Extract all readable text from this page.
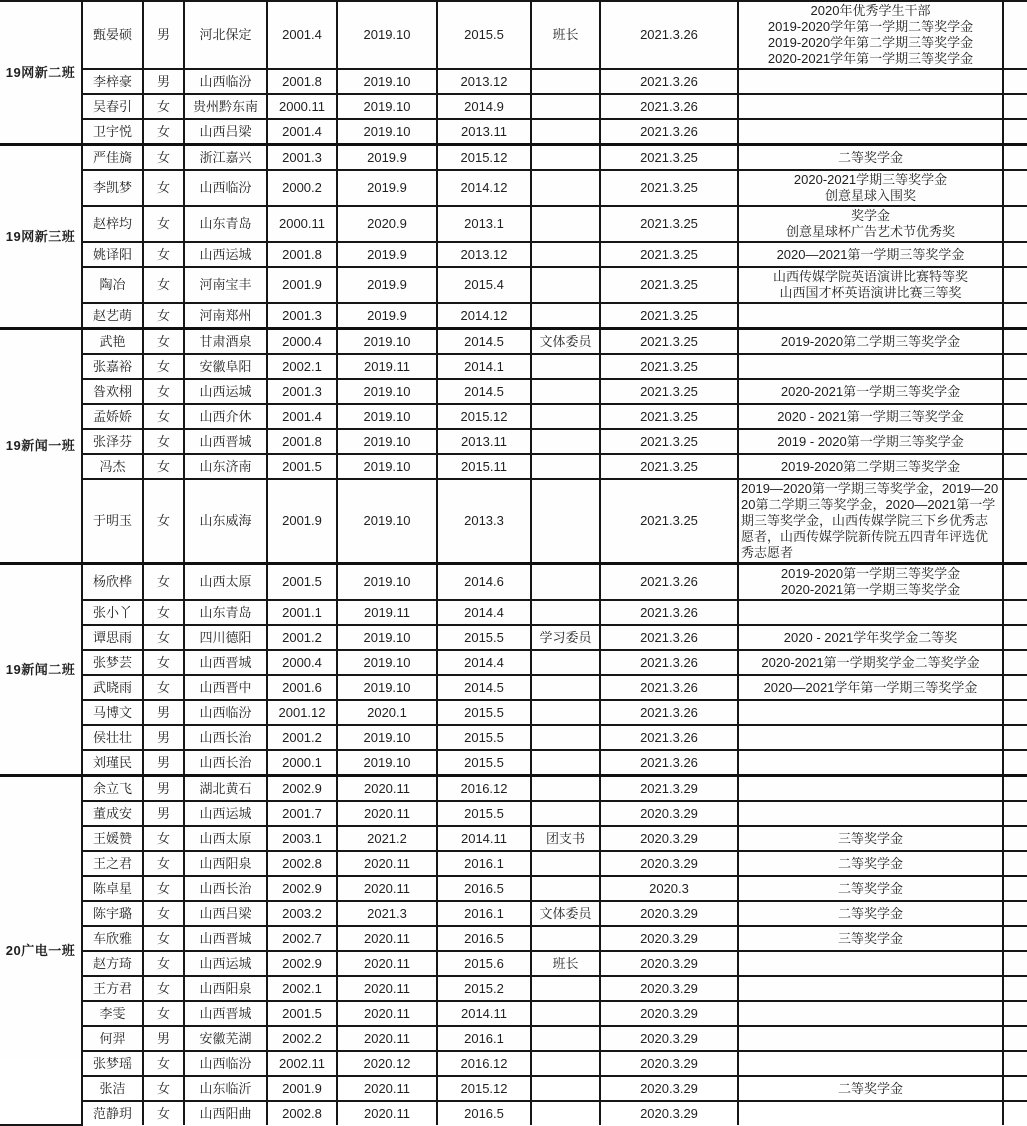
19网新二班	甄晏硕	男	河北保定	2001.4	2019.10	2015.5	班长	2021.3.26	2020年优秀学生干部
2019-2020学年第一学期二等奖学金
2019-2020学年第二学期三等奖学金
2020-2021学年第一学期三等奖学金	

	李梓豪	男	山西临汾	2001.8	2019.10	2013.12		2021.3.26		
	吴春引	女	贵州黔东南	2000.11	2019.10	2014.9		2021.3.26		
	卫宇悦	女	山西吕梁	2001.4	2019.10	2013.11		2021.3.26		
19网新三班	严佳旖	女	浙江嘉兴	2001.3	2019.9	2015.12		2021.3.25	二等奖学金	

	李凯梦	女	山西临汾	2000.2	2019.9	2014.12		2021.3.25	2020-2021学期三等奖学金
创意星球入围奖	

	赵梓均	女	山东青岛	2000.11	2020.9	2013.1		2021.3.25	奖学金
创意星球杯广告艺术节优秀奖	

	姚译阳	女	山西运城	2001.8	2019.9	2013.12		2021.3.25	2020—2021第一学期三等奖学金	

	陶冶	女	河南宝丰	2001.9	2019.9	2015.4		2021.3.25	山西传媒学院英语演讲比赛特等奖
山西国才杯英语演讲比赛三等奖	

	赵艺萌	女	河南郑州	2001.3	2019.9	2014.12		2021.3.25		
19新闻一班	武艳	女	甘肃酒泉	2000.4	2019.10	2014.5	文体委员	2021.3.25	2019-2020第二学期三等奖学金	

	张嘉裕	女	安徽阜阳	2002.1	2019.11	2014.1		2021.3.25		
	昝欢栩	女	山西运城	2001.3	2019.10	2014.5		2021.3.25	2020-2021第一学期三等奖学金	

	孟娇娇	女	山西介休	2001.4	2019.10	2015.12		2021.3.25	2020 - 2021第一学期三等奖学金	

	张泽芬	女	山西晋城	2001.8	2019.10	2013.11		2021.3.25	2019 - 2020第一学期三等奖学金	

	冯杰	女	山东济南	2001.5	2019.10	2015.11		2021.3.25	2019-2020第二学期三等奖学金	

	于明玉	女	山东威海	2001.9	2019.10	2013.3		2021.3.25	2019—2020第一学期三等奖学金，2019—2020第二学期三等奖学金，2020—2021第一学期三等奖学金，山西传媒学院三下乡优秀志愿者，山西传媒学院新传院五四青年评选优秀志愿者	

19新闻二班	杨欣桦	女	山西太原	2001.5	2019.10	2014.6		2021.3.26	2019-2020第一学期三等奖学金
2020-2021第一学期三等奖学金	

	张小丫	女	山东青岛	2001.1	2019.11	2014.4		2021.3.26		
	谭思雨	女	四川德阳	2001.2	2019.10	2015.5	学习委员	2021.3.26	2020 - 2021学年奖学金二等奖	

	张梦芸	女	山西晋城	2000.4	2019.10	2014.4		2021.3.26	2020-2021第一学期奖学金二等奖学金	

	武晓雨	女	山西晋中	2001.6	2019.10	2014.5		2021.3.26	2020—2021学年第一学期三等奖学金	

	马博文	男	山西临汾	2001.12	2020.1	2015.5		2021.3.26		
	侯壮壮	男	山西长治	2001.2	2019.10	2015.5		2021.3.26		
	刘瑾民	男	山西长治	2000.1	2019.10	2015.5		2021.3.26		
20广电一班	余立飞	男	湖北黄石	2002.9	2020.11	2016.12		2021.3.29		
	董成安	男	山西运城	2001.7	2020.11	2015.5		2020.3.29		
	王媛赞	女	山西太原	2003.1	2021.2	2014.11	团支书	2020.3.29	三等奖学金	

	王之君	女	山西阳泉	2002.8	2020.11	2016.1		2020.3.29	二等奖学金	

	陈卓星	女	山西长治	2002.9	2020.11	2016.5		2020.3	二等奖学金	

	陈宇璐	女	山西吕梁	2003.2	2021.3	2016.1	文体委员	2020.3.29	二等奖学金	

	车欣雅	女	山西晋城	2002.7	2020.11	2016.5		2020.3.29	三等奖学金	

	赵方琦	女	山西运城	2002.9	2020.11	2015.6	班长	2020.3.29		
	王方君	女	山西阳泉	2002.1	2020.11	2015.2		2020.3.29		
	李雯	女	山西晋城	2001.5	2020.11	2014.11		2020.3.29		
	何羿	男	安徽芜湖	2002.2	2020.11	2016.1		2020.3.29		
	张梦瑶	女	山西临汾	2002.11	2020.12	2016.12		2020.3.29		
	张洁	女	山东临沂	2001.9	2020.11	2015.12		2020.3.29	二等奖学金	

	范静玥	女	山西阳曲	2002.8	2020.11	2016.5		2020.3.29		
